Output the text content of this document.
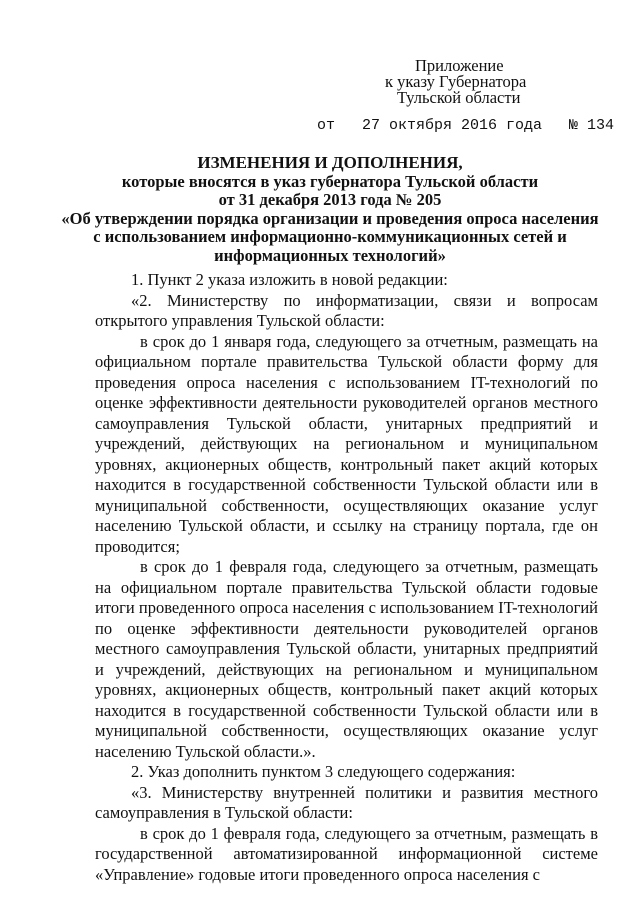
Приложение
к указу Губернатора
Тульской области
от   27 октября 2016 года   № 134
ИЗМЕНЕНИЯ И ДОПОЛНЕНИЯ,
которые вносятся в указ губернатора Тульской области
от 31 декабря 2013 года № 205
«Об утверждении порядка организации и проведения опроса населения
с использованием информационно-коммуникационных сетей и
информационных технологий»

1. Пункт 2 указа изложить в новой редакции:

«2. Министерству по информатизации, связи и вопросам открытого управления Тульской области:

в срок до 1 января года, следующего за отчетным, размещать на официальном портале правительства Тульской области форму для проведения опроса населения с использованием IT-технологий по оценке эффективности деятельности руководителей органов местного самоуправления Тульской области, унитарных предприятий и учреждений, действующих на региональном и муниципальном уровнях, акционерных обществ, контрольный пакет акций которых находится в государственной собственности Тульской области или в муниципальной собственности, осуществляющих оказание услуг населению Тульской области, и ссылку на страницу портала, где он проводится;

в срок до 1 февраля года, следующего за отчетным, размещать на официальном портале правительства Тульской области годовые итоги проведенного опроса населения с использованием IT-технологий по оценке эффективности деятельности руководителей органов местного самоуправления Тульской области, унитарных предприятий и учреждений, действующих на региональном и муниципальном уровнях, акционерных обществ, контрольный пакет акций которых находится в государственной собственности Тульской области или в муниципальной собственности, осуществляющих оказание услуг населению Тульской области.».

2. Указ дополнить пунктом 3 следующего содержания:

«3. Министерству внутренней политики и развития местного самоуправления в Тульской области:

в срок до 1 февраля года, следующего за отчетным, размещать в государственной автоматизированной информационной системе «Управление» годовые итоги проведенного опроса населения с
